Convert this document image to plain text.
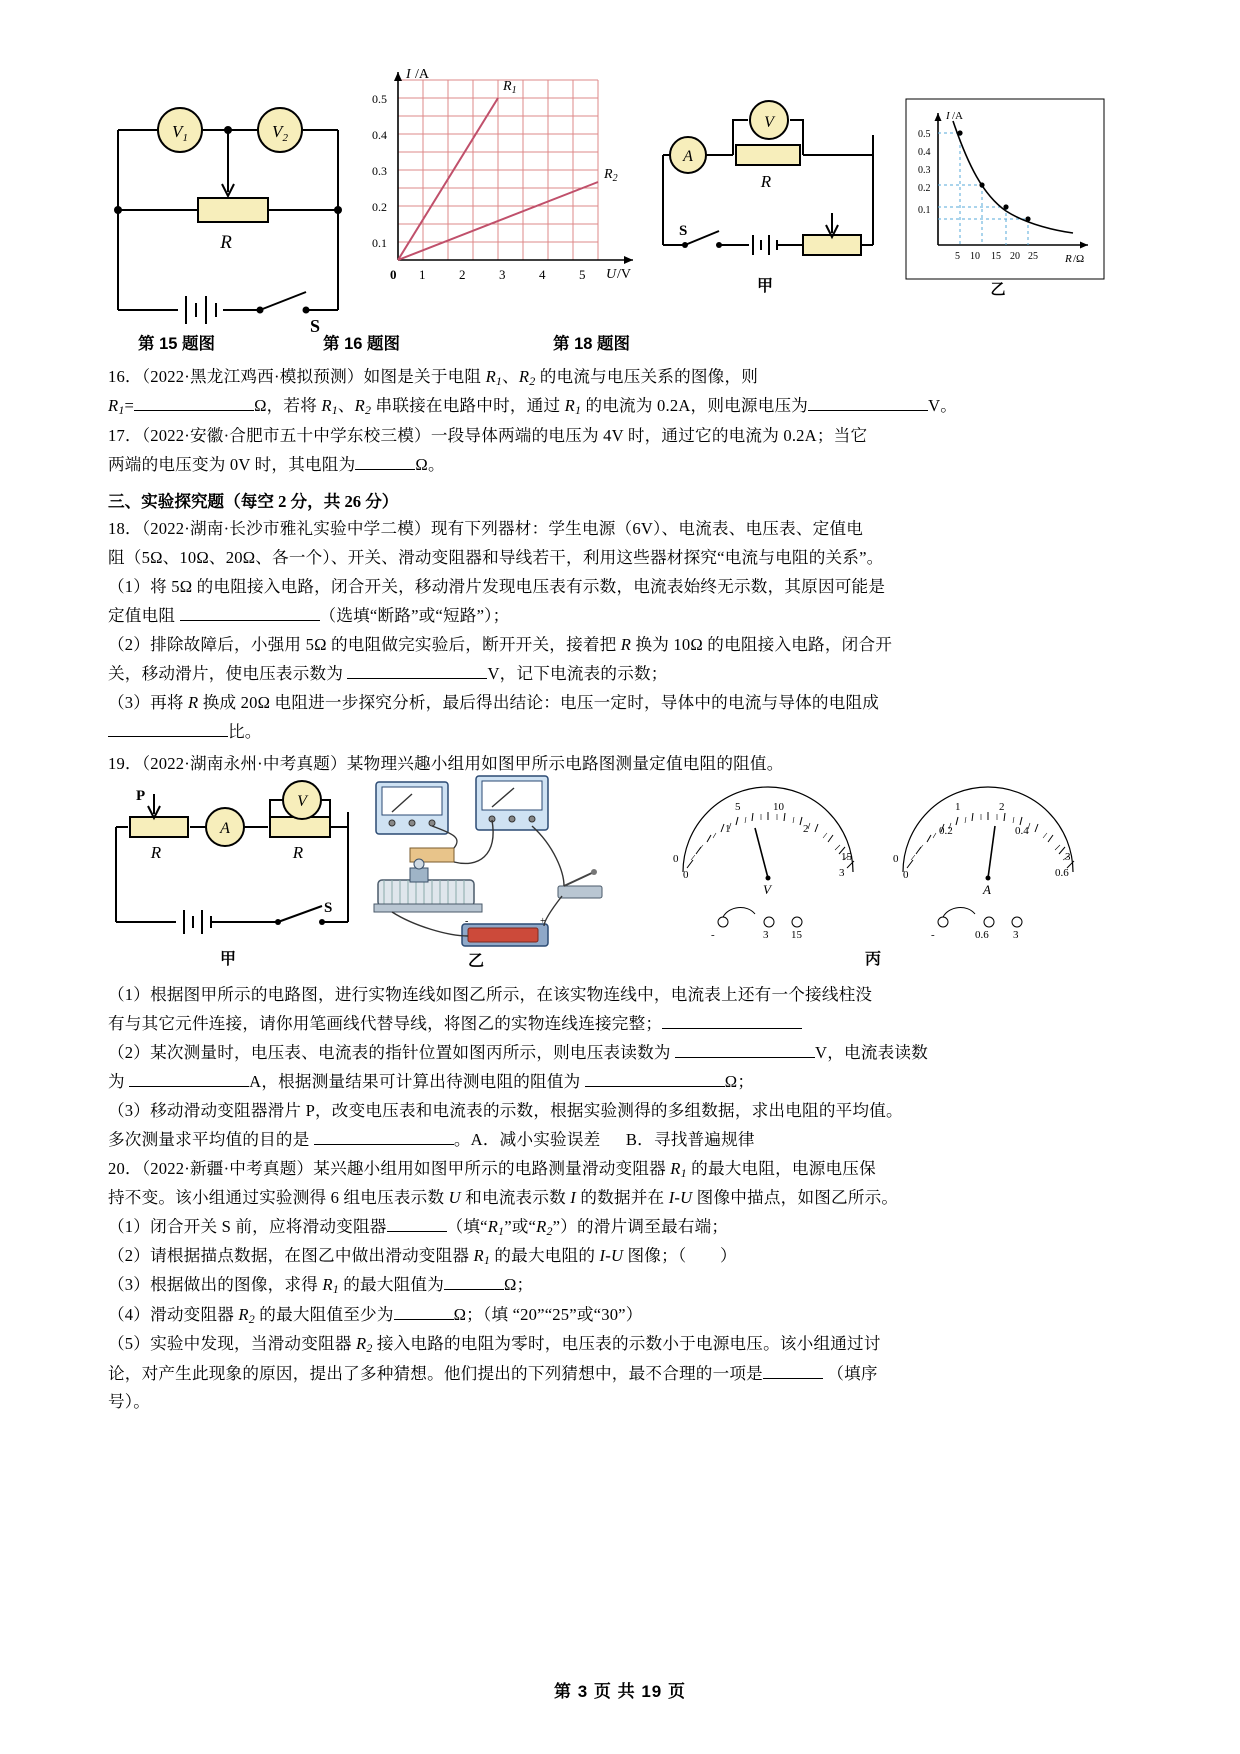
R
$V_1$	$V_2$
S
I /A
U /V
$R_1$
$R_2$
0.5
0.4
0.3
0.2
0.1
0 1	2	3	4	5
V
A
R
S
甲
I /A
R /Ω
0.5
0.4
0.3
0.2
0.1
5 10 15 20 25
乙
第 15 题图	第 16 题图	第 18 题图

16．（2022·黑龙江鸡西·模拟预测）如图是关于电阻 $R_1$、$R_2$ 的电流与电压关系的图像，则

$R_1=$	Ω，若将 $R_1$、$R_2$ 串联接在电路中时，通过 $R_1$ 的电流为 0.2A，则电源电压为	V。

17．（2022·安徽·合肥市五十中学东校三模）一段导体两端的电压为 4V 时，通过它的电流为 0.2A；当它

两端的电压变为 0V 时，其电阻为	Ω。

三、实验探究题（每空 2 分，共 26 分）

18．（2022·湖南·长沙市雅礼实验中学二模）现有下列器材：学生电源（6V）、电流表、电压表、定值电

阻（5Ω、10Ω、20Ω、各一个）、开关、滑动变阻器和导线若干，利用这些器材探究“电流与电阻的关系”。

（1）将 5Ω 的电阻接入电路，闭合开关，移动滑片发现电压表有示数，电流表始终无示数，其原因可能是

定值电阻	（选填“断路”或“短路”）；

（2）排除故障后，小强用 5Ω 的电阻做完实验后，断开开关，接着把 R 换为 10Ω 的电阻接入电路，闭合开

关，移动滑片，使电压表示数为	V，记下电流表的示数；

（3）再将 R 换成 20Ω 电阻进一步探究分析，最后得出结论：电压一定时，导体中的电流与导体的电阻成

比。

19．（2022·湖南永州·中考真题）某物理兴趣小组用如图甲所示电路图测量定值电阻的阻值。

P
R
A
R
V
S
甲
-	+
乙
5	10
0	15
0
1	2
3
V
-	3 15
1	2
0	3
0
0.2	0.4
0.6
A
-	0.6 3
丙

（1）根据图甲所示的电路图，进行实物连线如图乙所示，在该实物连线中，电流表上还有一个接线柱没

有与其它元件连接，请你用笔画线代替导线，将图乙的实物连线连接完整；

（2）某次测量时，电压表、电流表的指针位置如图丙所示，则电压表读数为	V，电流表读数

为	A，根据测量结果可计算出待测电阻的阻值为	Ω；

（3）移动滑动变阻器滑片 P，改变电压表和电流表的示数，根据实验测得的多组数据，求出电阻的平均值。

多次测量求平均值的目的是	。A．减小实验误差 　 B．寻找普遍规律

20．（2022·新疆·中考真题）某兴趣小组用如图甲所示的电路测量滑动变阻器 $R_1$ 的最大电阻，电源电压保

持不变。该小组通过实验测得 6 组电压表示数 U 和电流表示数 I 的数据并在 I-U 图像中描点，如图乙所示。

（1）闭合开关 S 前，应将滑动变阻器	（填“$R_1$”或“$R_2$”）的滑片调至最右端；

（2）请根据描点数据，在图乙中做出滑动变阻器 $R_1$ 的最大电阻的 I-U 图像；（　　）

（3）根据做出的图像，求得 $R_1$ 的最大阻值为	Ω；

（4）滑动变阻器 $R_2$ 的最大阻值至少为	Ω；（填 “20”“25”或“30”）

（5）实验中发现，当滑动变阻器 $R_2$ 接入电路的电阻为零时，电压表的示数小于电源电压。该小组通过讨

论，对产生此现象的原因，提出了多种猜想。他们提出的下列猜想中，最不合理的一项是	（填序

号）。

第 3 页 共 19 页
